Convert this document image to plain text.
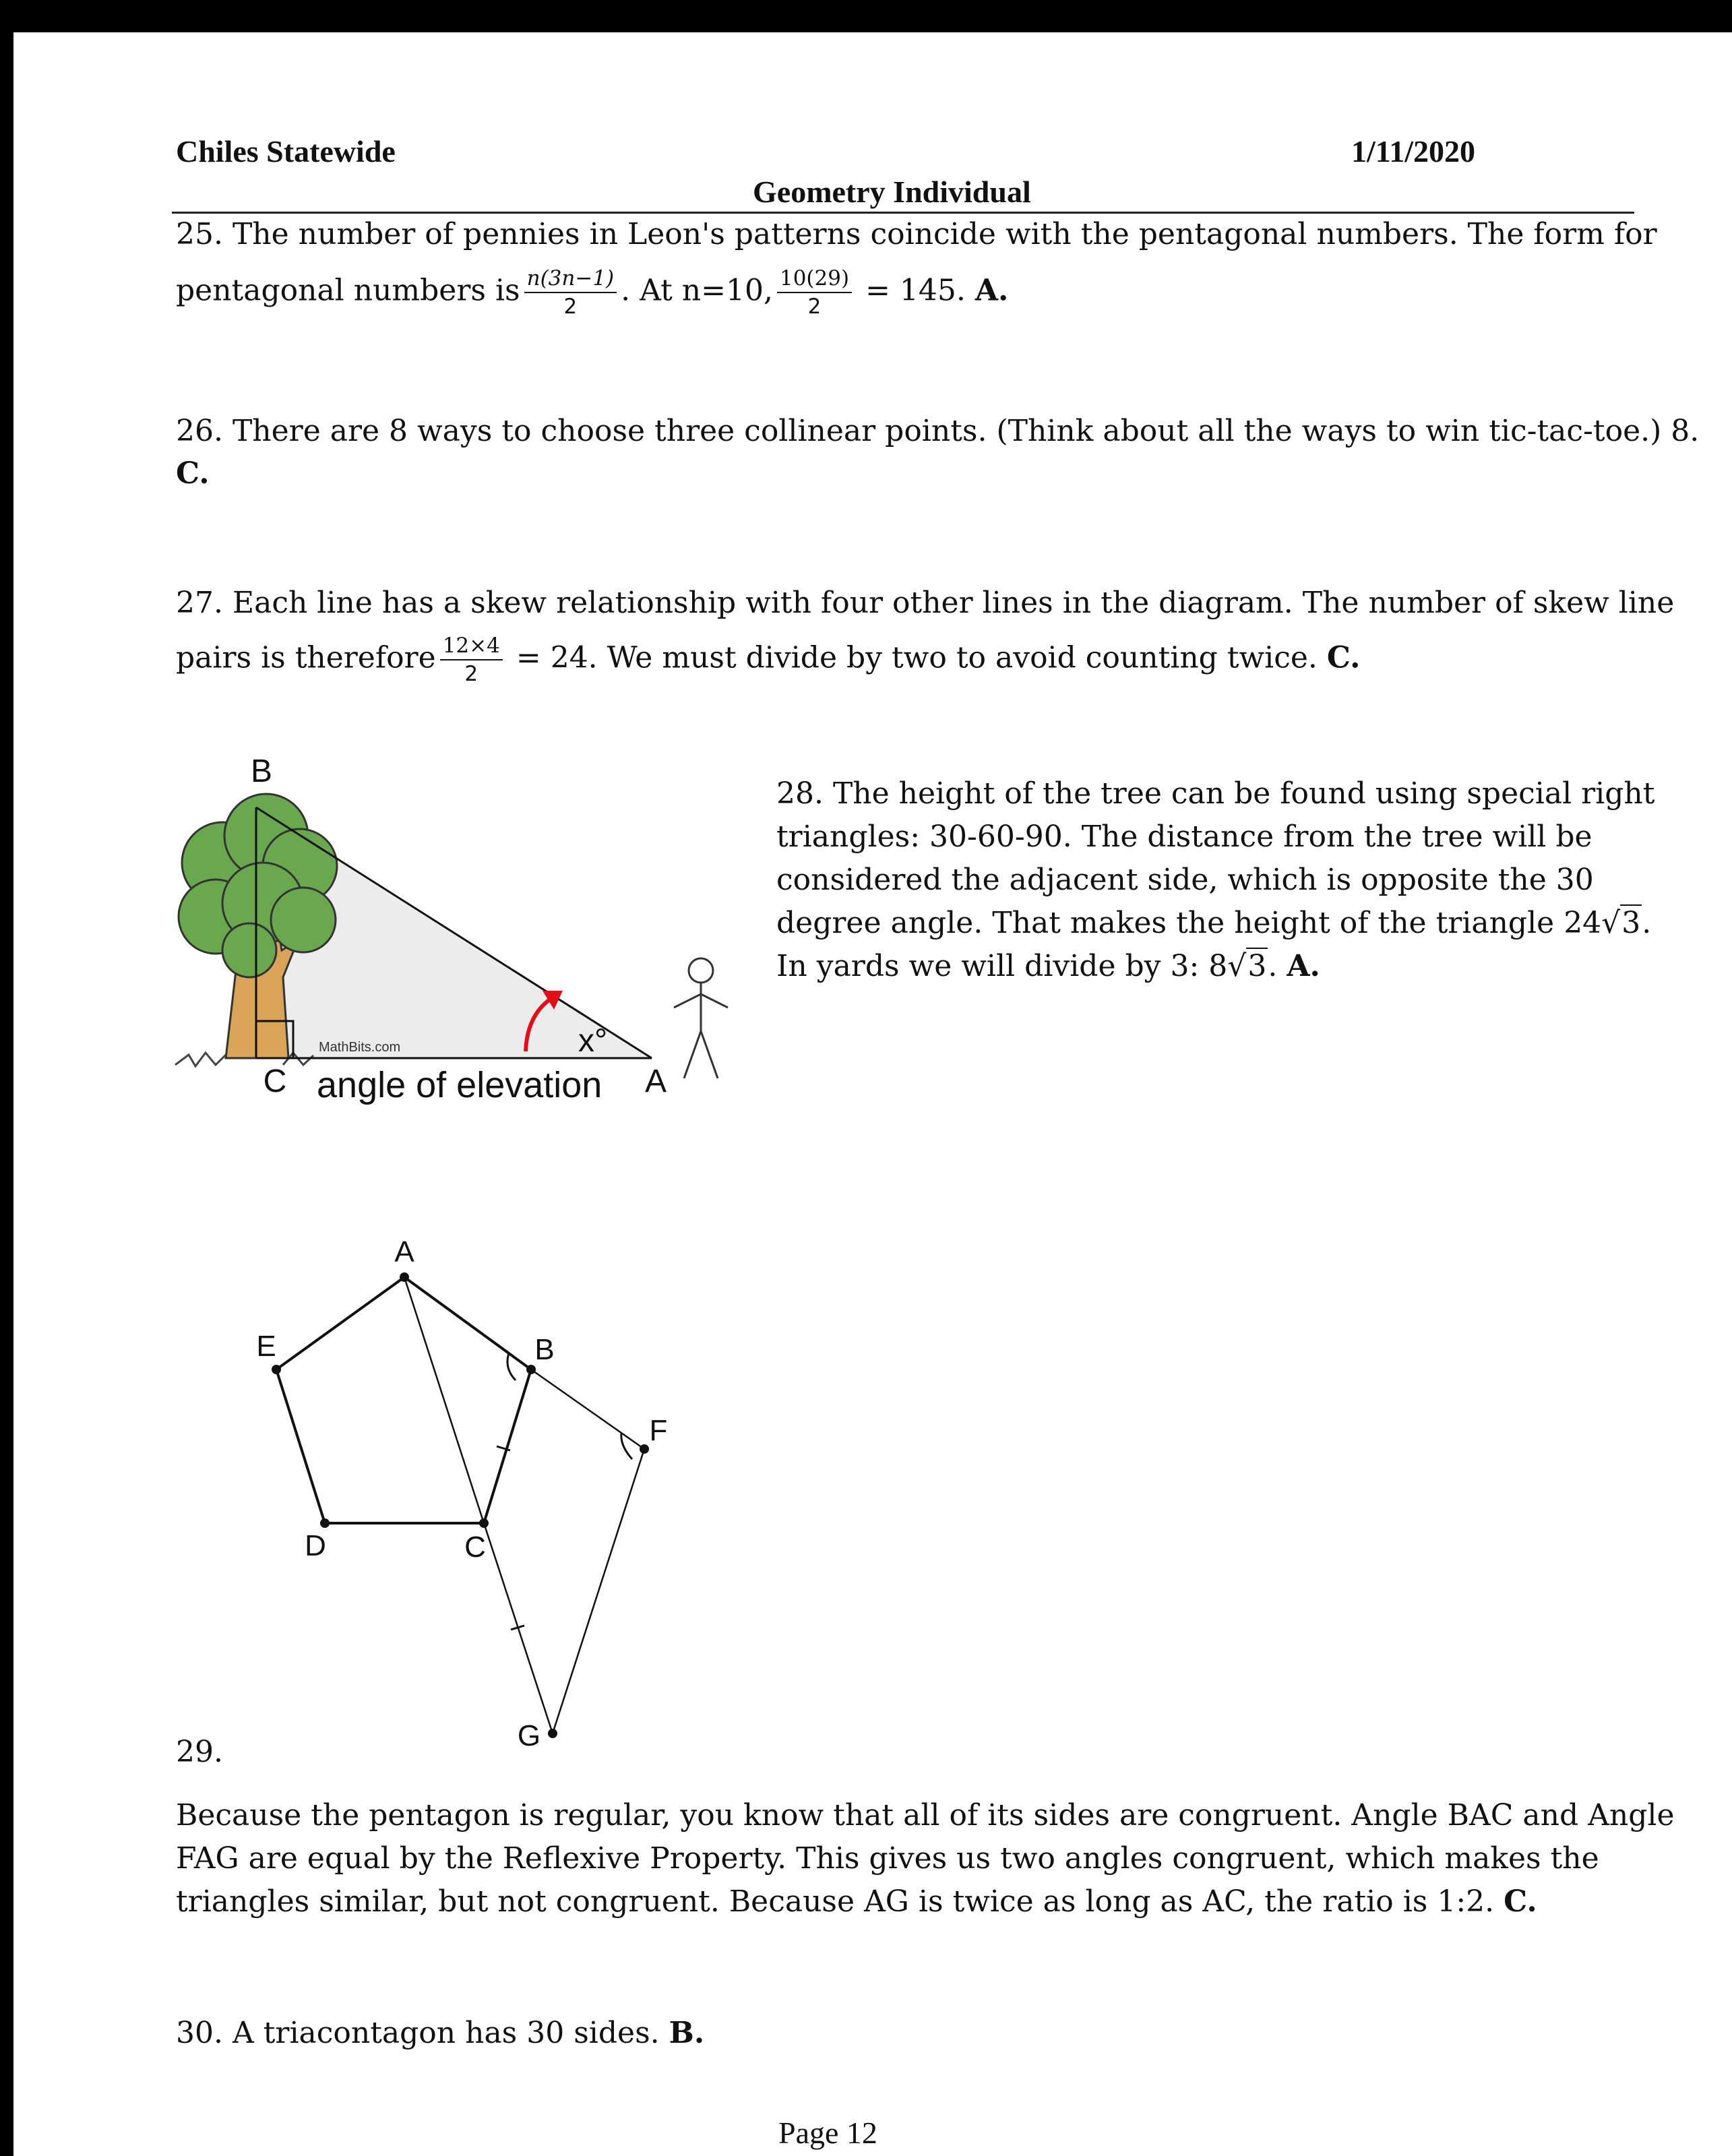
Chiles Statewide	1/11/2020
Geometry Individual

25. The number of pennies in Leon's patterns coincide with the pentagonal numbers. The form for

pentagonal numbers is $\frac{n(3n-1)}{2}$ . At n=10, $\frac{10(29)}{2} = 145$. A.

26. There are 8 ways to choose three collinear points. (Think about all the ways to win tic-tac-toe.) 8.

C.

27. Each line has a skew relationship with four other lines in the diagram. The number of skew line

pairs is therefore $\frac{12\times 4}{2} = 24$. We must divide by two to avoid counting twice. C.

28. The height of the tree can be found using special right
triangles: 30-60-90. The distance from the tree will be
considered the adjacent side, which is opposite the 30
degree angle. That makes the height of the triangle 24√3.
In yards we will divide by 3: 8√3. A.

B
C	A
x°
MathBits.com
angle of elevation
A
B
C
D
E
F
G

29.

Because the pentagon is regular, you know that all of its sides are congruent. Angle BAC and Angle
FAG are equal by the Reflexive Property. This gives us two angles congruent, which makes the
triangles similar, but not congruent. Because AG is twice as long as AC, the ratio is 1:2. C.

30. A triacontagon has 30 sides. B.

Page 12
